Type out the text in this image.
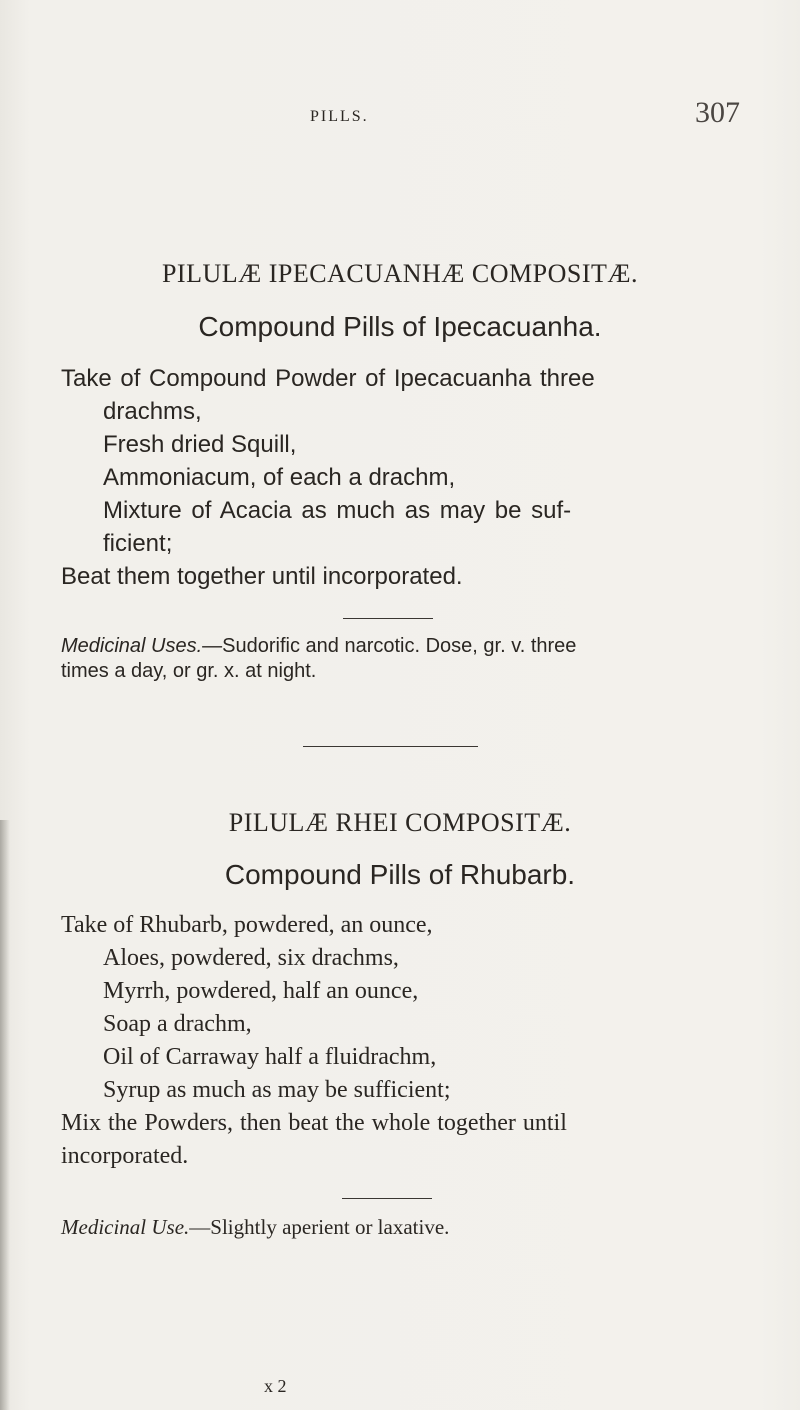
PILLS.	307
PILULÆ IPECACUANHÆ COMPOSITÆ.
Compound Pills of Ipecacuanha.
Take of Compound Powder of Ipecacuanha three
drachms,
Fresh dried Squill,
Ammoniacum, of each a drachm,
Mixture of Acacia as much as may be suf-
ficient;
Beat them together until incorporated.
Medicinal Uses.—Sudorific and narcotic. Dose, gr. v. three
times a day, or gr. x. at night.
PILULÆ RHEI COMPOSITÆ.
Compound Pills of Rhubarb.
Take of Rhubarb, powdered, an ounce,
Aloes, powdered, six drachms,
Myrrh, powdered, half an ounce,
Soap a drachm,
Oil of Carraway half a fluidrachm,
Syrup as much as may be sufficient;
Mix the Powders, then beat the whole together until
incorporated.
Medicinal Use.—Slightly aperient or laxative.
x 2
